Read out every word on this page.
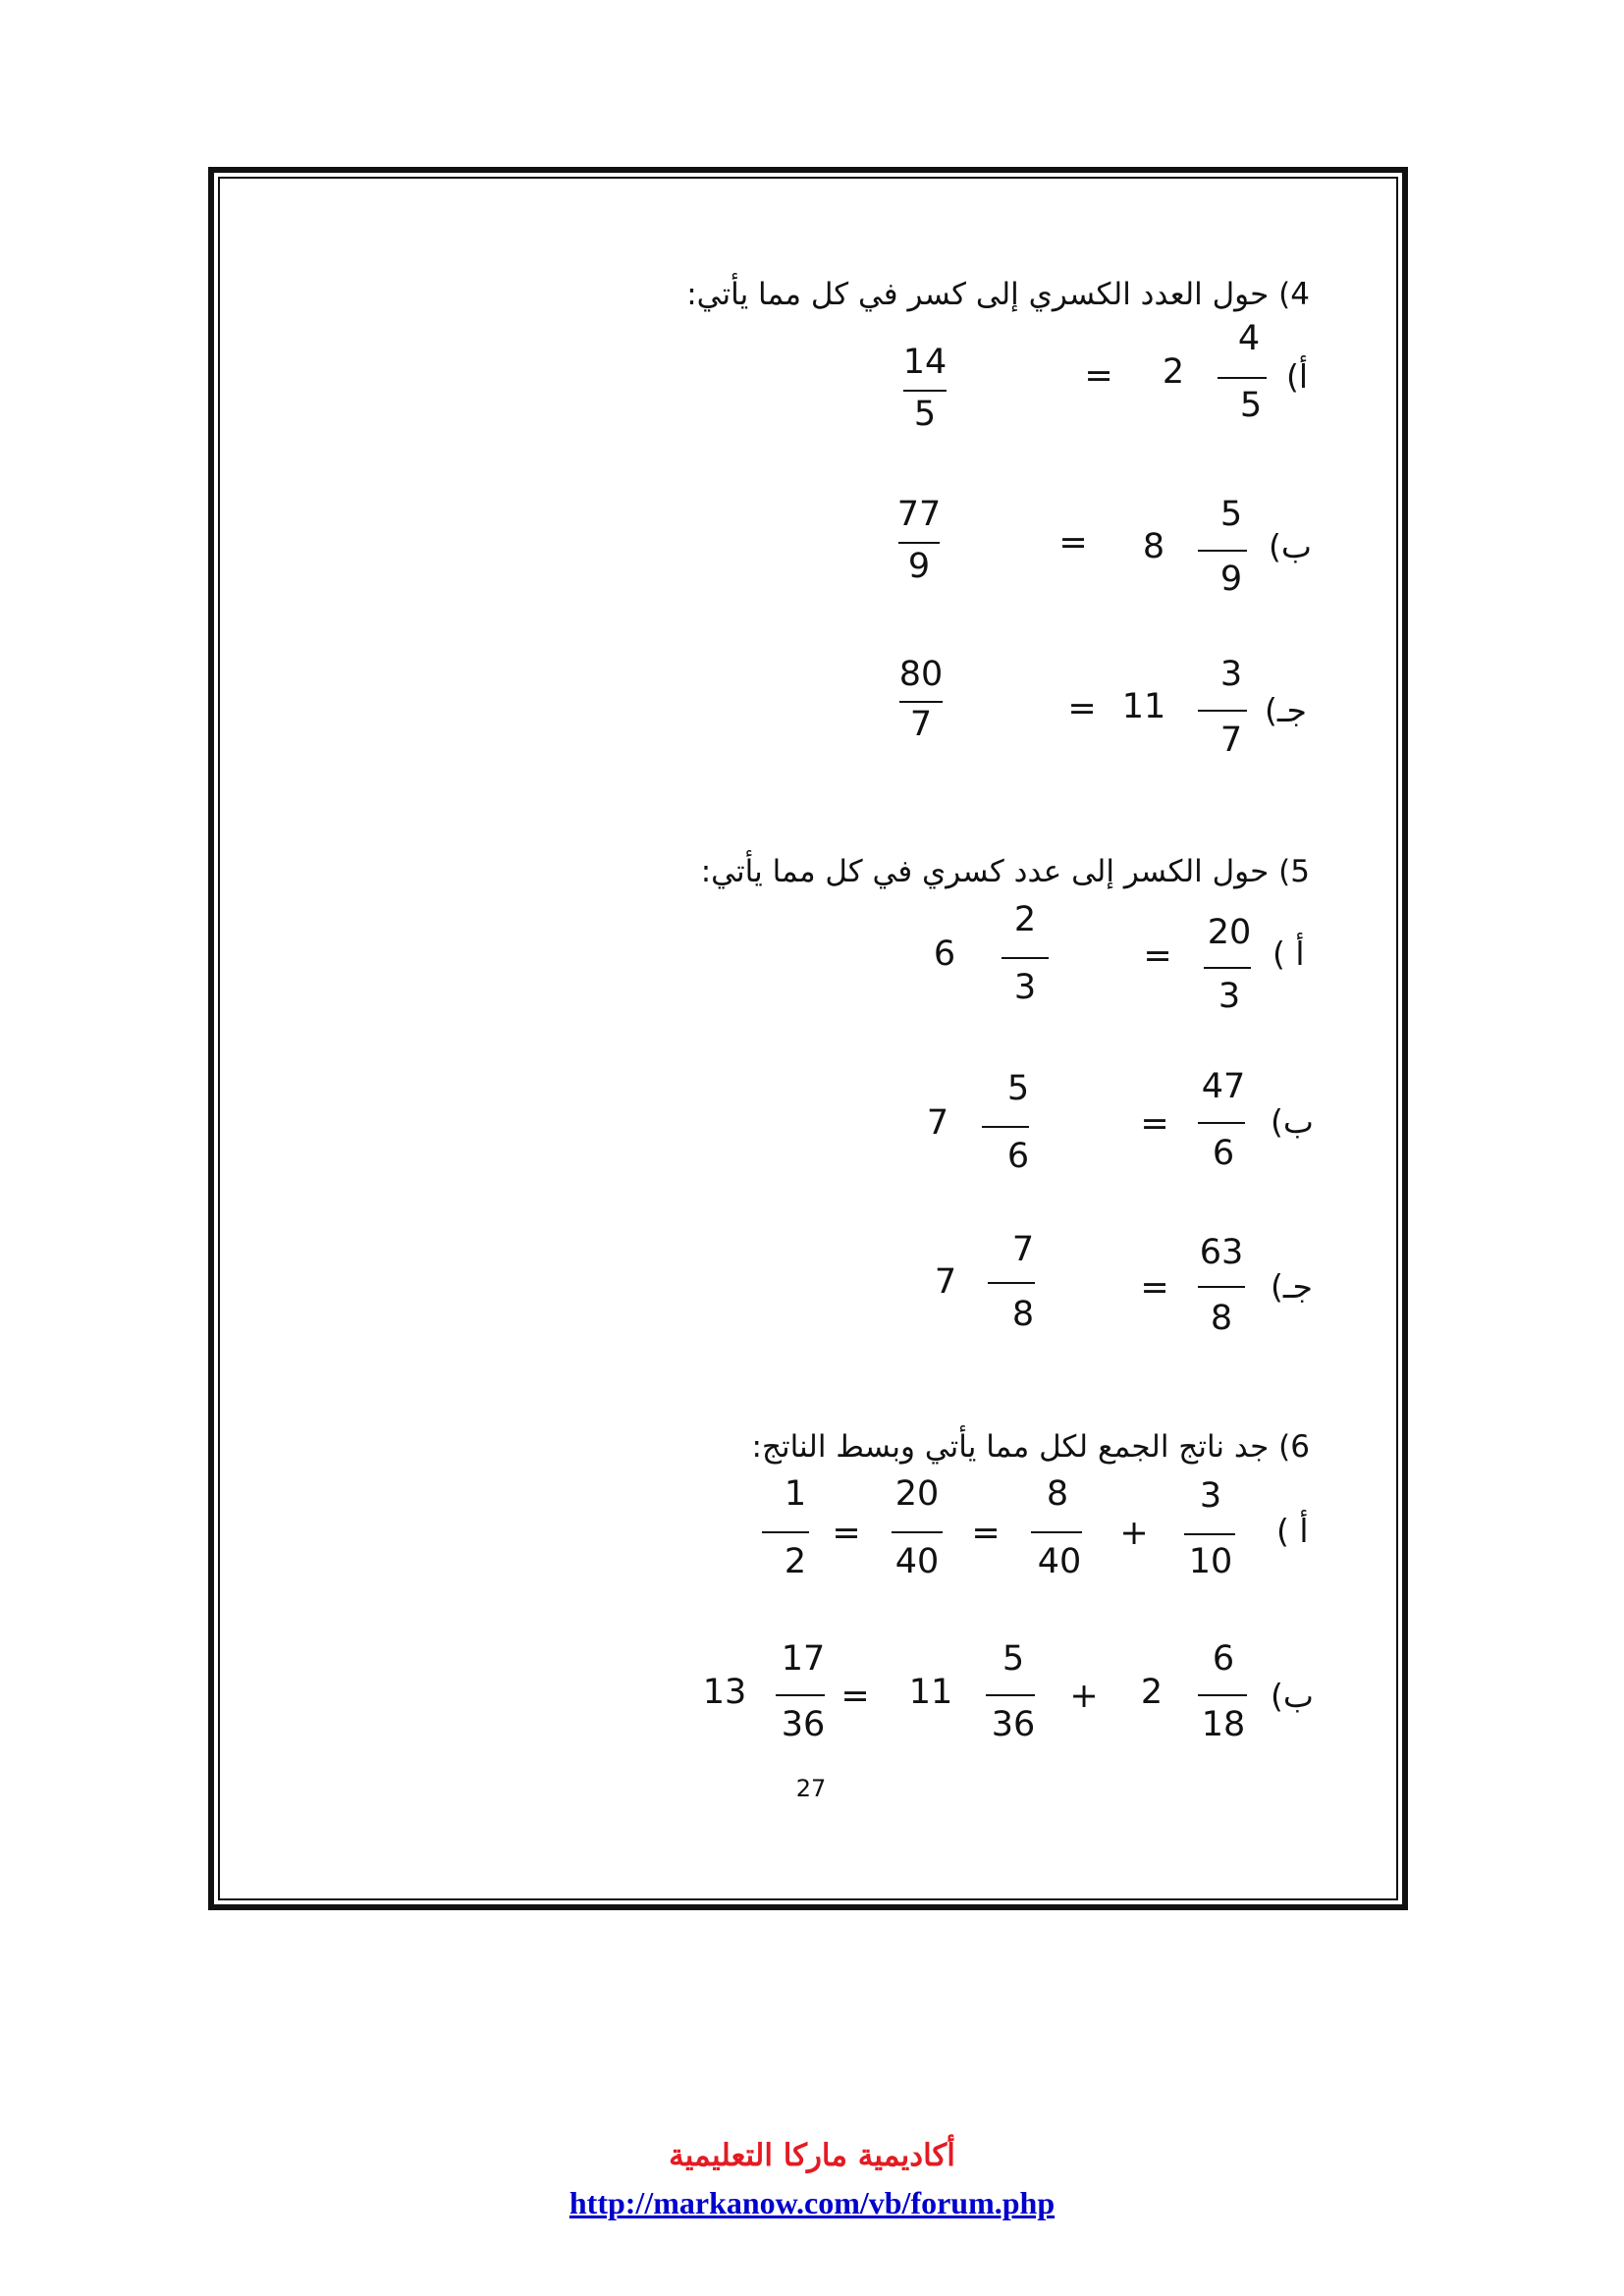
4) حول العدد الكسري إلى كسر في كل مما يأتي:
أ)
4
5
2
=
14
5
ب)
5
9
8
=
77
9
جـ)
3
7
11
=
80
7
5) حول الكسر إلى عدد كسري في كل مما يأتي:
أ )
20
3
=
6
2
3
ب)
47
6
=
7
5
6
جـ)
63
8
=
7
7
8
6) جد ناتج الجمع لكل مما يأتي وبسط الناتج:
أ )
3
10
+
8
40
=
20
40
=
1
2
ب)
6
18
2
+
5
36
11
=
17
36
13
27
أكاديمية ماركا التعليمية
http://markanow.com/vb/forum.php
